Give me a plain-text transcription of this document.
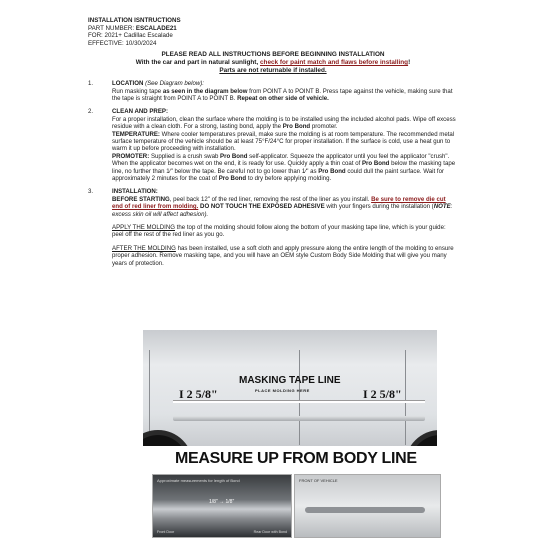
INSTALLATION ISNTRUCTIONS
PART NUMBER: ESCALADE21
FOR: 2021+ Cadillac Escalade
EFFECTIVE: 10/30/2024
PLEASE READ ALL INSTRUCTIONS BEFORE BEGINNING INSTALLATION
With the car and part in natural sunlight, check for paint match and flaws before installing!
Parts are not returnable if installed.
1.	LOCATION (See Diagram below):

Run masking tape as seen in the diagram below from POINT A to POINT B. Press tape against the vehicle, making sure that the tape is straight from POINT A to POINT B. Repeat on other side of vehicle.

2.	CLEAN AND PREP:
For a proper installation, clean the surface where the molding is to be installed using the included alcohol pads. Wipe off excess residue with a clean cloth. For a strong, lasting bond, apply the Pro Bond promoter.
TEMPERATURE: Where cooler temperatures prevail, make sure the molding is at room temperature. The recommended metal surface temperature of the vehicle should be at least 75°F/24°C for proper installation. If the surface is cold, use a heat gun to warm it up before proceeding with installation.
PROMOTER: Supplied is a crush swab Pro Bond self-applicator. Squeeze the applicator until you feel the applicator "crush". When the applicator becomes wet on the end, it is ready for use. Quickly apply a thin coat of Pro Bond below the masking tape line, no further than 1⁄" below the tape. Be careful not to go lower than 1⁄" as Pro Bond could dull the paint surface. Wait for approximately 2 minutes for the coat of Pro Bond to dry before applying molding.
3.	INSTALLATION:

BEFORE STARTING, peel back 12" of the red liner, removing the rest of the liner as you install. Be sure to remove die cut end of red liner from molding. DO NOT TOUCH THE EXPOSED ADHESIVE with your fingers during the installation (NOTE: excess skin oil will affect adhesion).

APPLY THE MOLDING the top of the molding should follow along the bottom of your masking tape line, which is your guide: peel off the rest of the red liner as you go.

AFTER THE MOLDING has been installed, use a soft cloth and apply pressure along the entire length of the molding to ensure proper adhesion. Remove masking tape, and you will have an OEM style Custom Body Side Molding that will give you many years of protection.

MASKING TAPE LINE
PLACE MOLDING HERE
I 2 5/8"	I 2 5/8"
MEASURE UP FROM BODY LINE
Approximate measurements for length of Bond
1/8" → 1/8"
Front Door	Rear Door with Bond
FRONT OF VEHICLE
